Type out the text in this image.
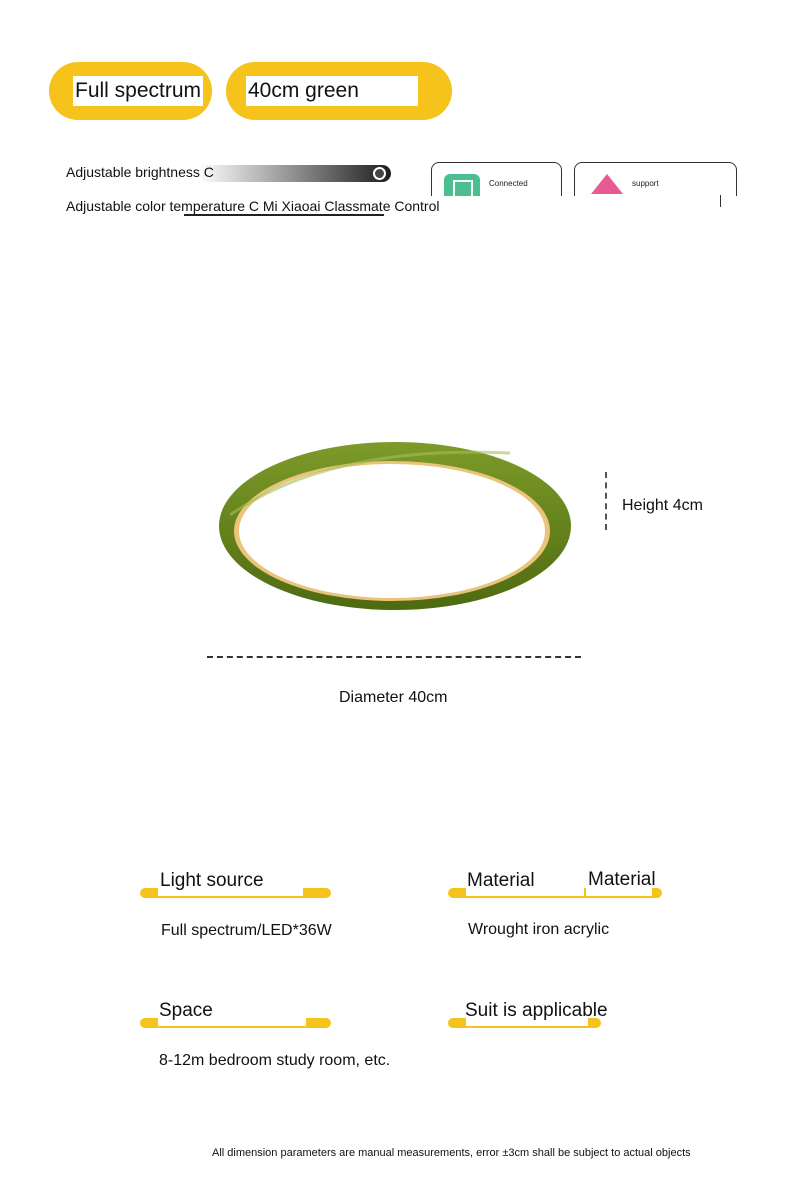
Full spectrum 40cm green
Adjustable brightness C
Connected	support
Adjustable color temperature C Mi Xiaoai Classmate Control
Height 4cm
Diameter 40cm
Light source
Full spectrum/LED*36W
Material	Material
Wrought iron acrylic
Space
8-12m bedroom study room, etc.
Suit is applicable
All dimension parameters are manual measurements, error ±3cm shall be subject to actual objects
